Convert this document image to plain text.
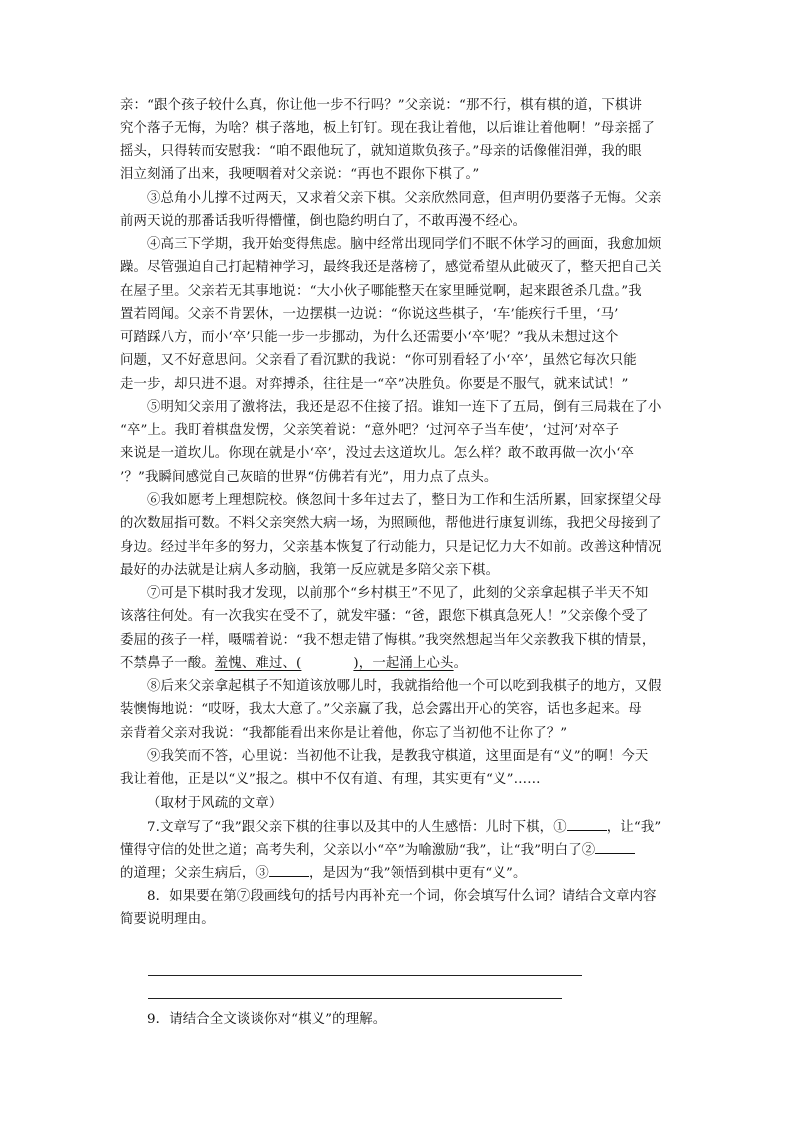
亲：“跟个孩子较什么真，你让他一步不行吗？”父亲说：“那不行，棋有棋的道，下棋讲
究个落子无悔，为啥？棋子落地，板上钉钉。现在我让着他，以后谁让着他啊！”母亲摇了
摇头，只得转而安慰我：“咱不跟他玩了，就知道欺负孩子。”母亲的话像催泪弹，我的眼
泪立刻涌了出来，我哽咽着对父亲说：“再也不跟你下棋了。”
③总角小儿撑不过两天，又求着父亲下棋。父亲欣然同意，但声明仍要落子无悔。父亲
前两天说的那番话我听得懵懂，倒也隐约明白了，不敢再漫不经心。
④高三下学期，我开始变得焦虑。脑中经常出现同学们不眠不休学习的画面，我愈加烦
躁。尽管强迫自己打起精神学习，最终我还是落榜了，感觉希望从此破灭了，整天把自己关
在屋子里。父亲若无其事地说：“大小伙子哪能整天在家里睡觉啊，起来跟爸杀几盘。”我
置若罔闻。父亲不肯罢休，一边摆棋一边说：“你说这些棋子，‘车’能疾行千里，‘马’
可踏踩八方，而小‘卒’只能一步一步挪动，为什么还需要小‘卒’呢？”我从未想过这个
问题，又不好意思问。父亲看了看沉默的我说：“你可别看轻了小‘卒’，虽然它每次只能
走一步，却只进不退。对弈搏杀，往往是一“卒”决胜负。你要是不服气，就来试试！”
⑤明知父亲用了激将法，我还是忍不住接了招。谁知一连下了五局，倒有三局栽在了小
“卒”上。我盯着棋盘发愣，父亲笑着说：“意外吧？‘过河卒子当车使’，‘过河’对卒子
来说是一道坎儿。你现在就是小‘卒’，没过去这道坎儿。怎么样？敢不敢再做一次小‘卒
’？”我瞬间感觉自己灰暗的世界“仿佛若有光”，用力点了点头。
⑥我如愿考上理想院校。倏忽间十多年过去了，整日为工作和生活所累，回家探望父母
的次数屈指可数。不料父亲突然大病一场，为照顾他，帮他进行康复训练，我把父母接到了
身边。经过半年多的努力，父亲基本恢复了行动能力，只是记忆力大不如前。改善这种情况
最好的办法就是让病人多动脑，我第一反应就是多陪父亲下棋。
⑦可是下棋时我才发现，以前那个“乡村棋王”不见了，此刻的父亲拿起棋子半天不知
该落往何处。有一次我实在受不了，就发牢骚：“爸，跟您下棋真急死人！”父亲像个受了
委屈的孩子一样，嗫嚅着说：“我不想走错了悔棋。”我突然想起当年父亲教我下棋的情景，
不禁鼻子一酸。羞愧、难过、(	)，一起涌上心头。
⑧后来父亲拿起棋子不知道该放哪儿时，我就指给他一个可以吃到我棋子的地方，又假
装懊悔地说：“哎呀，我太大意了。”父亲赢了我，总会露出开心的笑容，话也多起来。母
亲背着父亲对我说：“我都能看出来你是让着他，你忘了当初他不让你了？”
⑨我笑而不答，心里说：当初他不让我，是教我守棋道，这里面是有“义”的啊！今天
我让着他，正是以“义”报之。棋中不仅有道、有理，其实更有“义”……
（取材于风疏的文章）
7.文章写了“我”跟父亲下棋的往事以及其中的人生感悟：儿时下棋，①	，让“我”
懂得守信的处世之道；高考失利，父亲以小“卒”为喻激励“我”，让“我”明白了②
的道理；父亲生病后，③	，是因为“我”领悟到棋中更有“义”。
8．如果要在第⑦段画线句的括号内再补充一个词，你会填写什么词？请结合文章内容
简要说明理由。
9．请结合全文谈谈你对“棋义”的理解。
